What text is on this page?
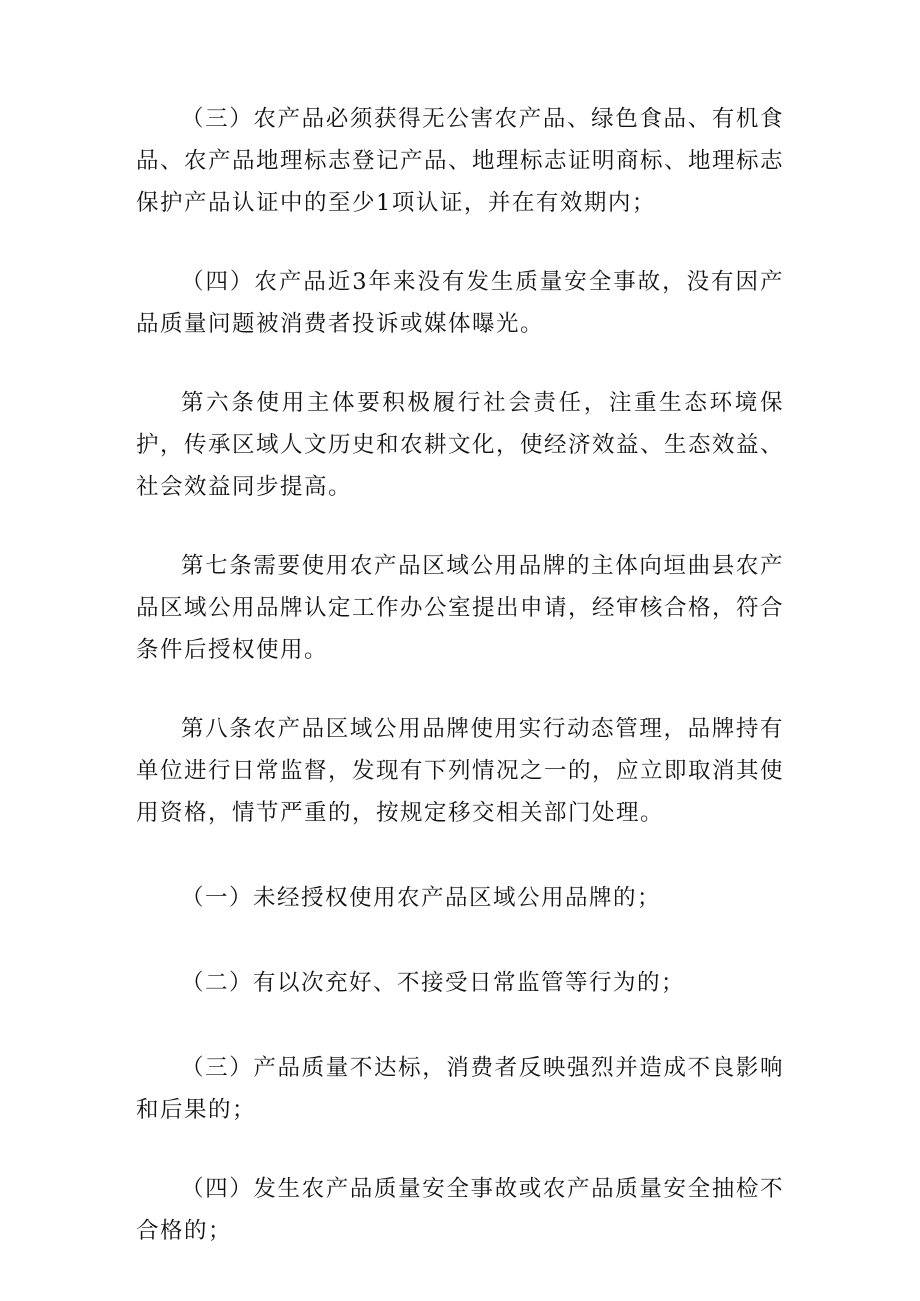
（三）农产品必须获得无公害农产品、绿色食品、有机食品、农产品地理标志登记产品、地理标志证明商标、地理标志保护产品认证中的至少1项认证，并在有效期内；

（四）农产品近3年来没有发生质量安全事故，没有因产品质量问题被消费者投诉或媒体曝光。

第六条使用主体要积极履行社会责任，注重生态环境保护，传承区域人文历史和农耕文化，使经济效益、生态效益、社会效益同步提高。

第七条需要使用农产品区域公用品牌的主体向垣曲县农产品区域公用品牌认定工作办公室提出申请，经审核合格，符合条件后授权使用。

第八条农产品区域公用品牌使用实行动态管理，品牌持有单位进行日常监督，发现有下列情况之一的，应立即取消其使用资格，情节严重的，按规定移交相关部门处理。

（一）未经授权使用农产品区域公用品牌的；

（二）有以次充好、不接受日常监管等行为的；

（三）产品质量不达标，消费者反映强烈并造成不良影响和后果的；

（四）发生农产品质量安全事故或农产品质量安全抽检不合格的；
